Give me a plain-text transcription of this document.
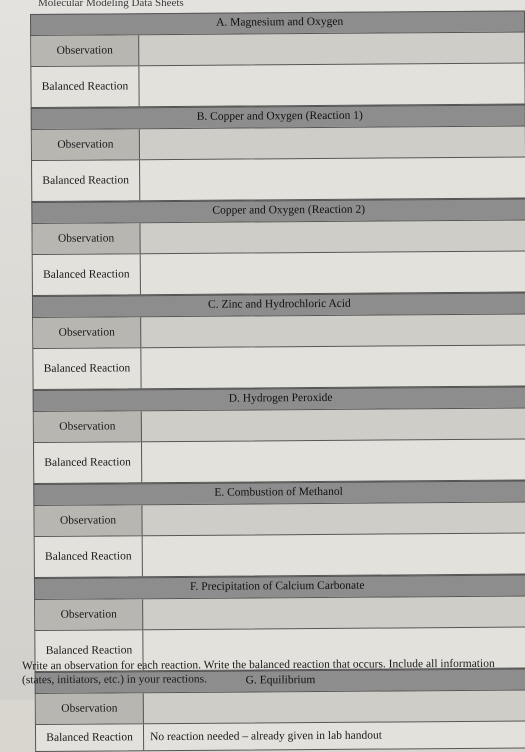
Molecular Modeling Data Sheets
A. Magnesium and Oxygen
Observation
Balanced Reaction
B. Copper and Oxygen (Reaction 1)
Observation
Balanced Reaction
Copper and Oxygen (Reaction 2)
Observation
Balanced Reaction
C. Zinc and Hydrochloric Acid
Observation
Balanced Reaction
D. Hydrogen Peroxide
Observation
Balanced Reaction
E. Combustion of Methanol
Observation
Balanced Reaction
F. Precipitation of Calcium Carbonate
Observation
Balanced Reaction
G. Equilibrium
Observation
Balanced Reaction	No reaction needed – already given in lab handout
Write an observation for each reaction. Write the balanced reaction that occurs. Include all information (states, initiators, etc.) in your reactions.
